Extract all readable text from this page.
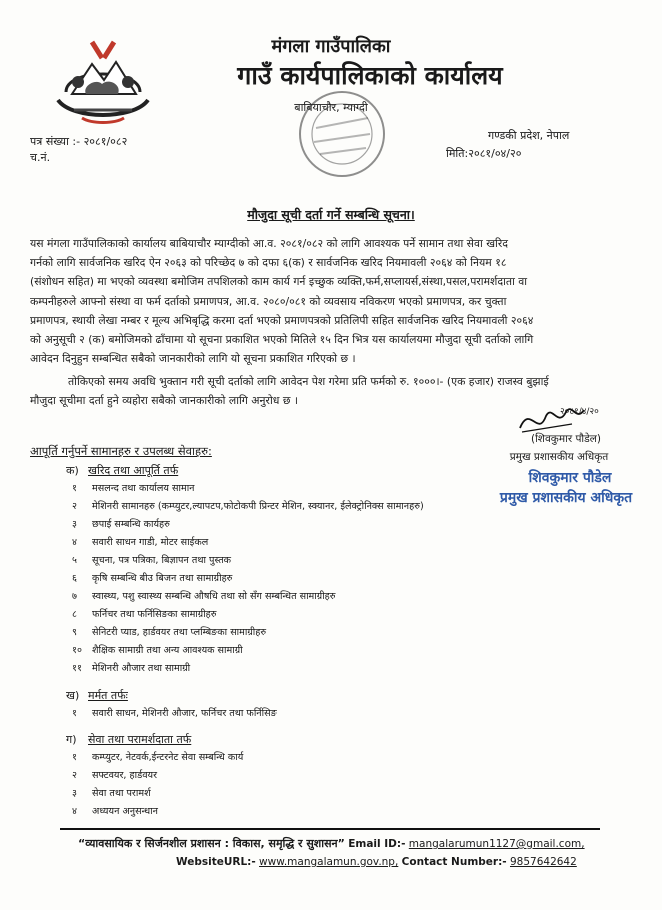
मंगला गाउँपालिका
गाउँ कार्यपालिकाको कार्यालय
बाबियाचौर, म्याग्दी
पत्र संख्या :- २०८१/०८२
च.नं.
गण्डकी प्रदेश, नेपाल
मिति:२०८१/०४/२०
मौजुदा सूची दर्ता गर्ने सम्बन्धि सूचना।
यस मंगला गाउँपालिकाको कार्यालय बाबियाचौर म्याग्दीको आ.व. २०८१/०८२ को लागि आवश्यक पर्ने सामान तथा सेवा खरिद
गर्नको लागि सार्वजनिक खरिद ऐन २०६३ को परिच्छेद ७ को दफा ६(क) र सार्वजनिक खरिद नियमावली २०६४ को नियम १८
(संशोधन सहित) मा भएको व्यवस्था बमोजिम तपशिलको काम कार्य गर्न इच्छुक व्यक्ति,फर्म,सप्लायर्स,संस्था,पसल,परामर्शदाता वा
कम्पनीहरुले आफ्नो संस्था वा फर्म दर्ताको प्रमाणपत्र, आ.व. २०८०/०८१ को व्यवसाय नविकरण भएको प्रमाणपत्र, कर चुक्ता
प्रमाणपत्र, स्थायी लेखा नम्बर र मूल्य अभिबृद्धि करमा दर्ता भएको प्रमाणपत्रको प्रतिलिपी सहित सार्वजनिक खरिद नियमावली २०६४
को अनुसूची २ (क) बमोजिमको ढाँचामा यो सूचना प्रकाशित भएको मितिले १५ दिन भित्र यस कार्यालयमा मौजुदा सूची दर्ताको लागि
आवेदन दिनुहुन सम्बन्धित सबैको जानकारीको लागि यो सूचना प्रकाशित गरिएको छ ।
तोकिएको समय अवधि भुक्तान गरी सूची दर्ताको लागि आवेदन पेश गरेमा प्रति फर्मको रु. १०००।- (एक हजार) राजस्व बुझाई
मौजुदा सूचीमा दर्ता हुने व्यहोरा सबैको जानकारीको लागि अनुरोध छ ।
२०८१/४/२०
(शिवकुमार पौडेल)
प्रमुख प्रशासकीय अधिकृत
शिवकुमार पौडेल
प्रमुख प्रशासकीय अधिकृत
आपूर्ति गर्नुपर्ने सामानहरु र उपलब्ध सेवाहरु:
क) खरिद तथा आपूर्ति तर्फ
१	मसलन्द तथा कार्यालय सामान
२	मेशिनरी सामानहरु (कम्प्युटर,ल्यापटप,फोटोकपी प्रिन्टर मेशिन, स्क्यानर, ईलेक्ट्रोनिक्स सामानहरु)
३	छपाई सम्बन्धि कार्यहरु
४	सवारी साधन गाडी, मोटर साईकल
५	सूचना, पत्र पत्रिका, बिज्ञापन तथा पुस्तक
६	कृषि सम्बन्धि बीउ बिजन तथा सामाग्रीहरु
७	स्वास्थ्य, पशु स्वास्थ्य सम्बन्धि औषधि तथा सो सँग सम्बन्धित सामाग्रीहरु
८	फर्निचर तथा फर्निसिङका सामाग्रीहरु
९	सेनिटरी प्याड, हार्डवयर तथा प्लम्बिङका सामाग्रीहरु
१०	शैक्षिक सामाग्री तथा अन्य आवश्यक सामाग्री
११	मेशिनरी औजार तथा सामाग्री
ख) मर्मत तर्फः
१	सवारी साधन, मेशिनरी औजार, फर्निचर तथा फर्निसिङ
ग) सेवा तथा परामर्शदाता तर्फ
१	कम्प्युटर, नेटवर्क,ईन्टरनेट सेवा सम्बन्धि कार्य
२	सफ्टवयर, हार्डवयर
३	सेवा तथा परामर्श
४	अध्ययन अनुसन्धान
“व्यावसायिक र सिर्जनशील प्रशासन : विकास, समृद्धि र सुशासन” Email ID:- mangalarumun1127@gmail.com,
WebsiteURL:- www.mangalamun.gov.np, Contact Number:- 9857642642
